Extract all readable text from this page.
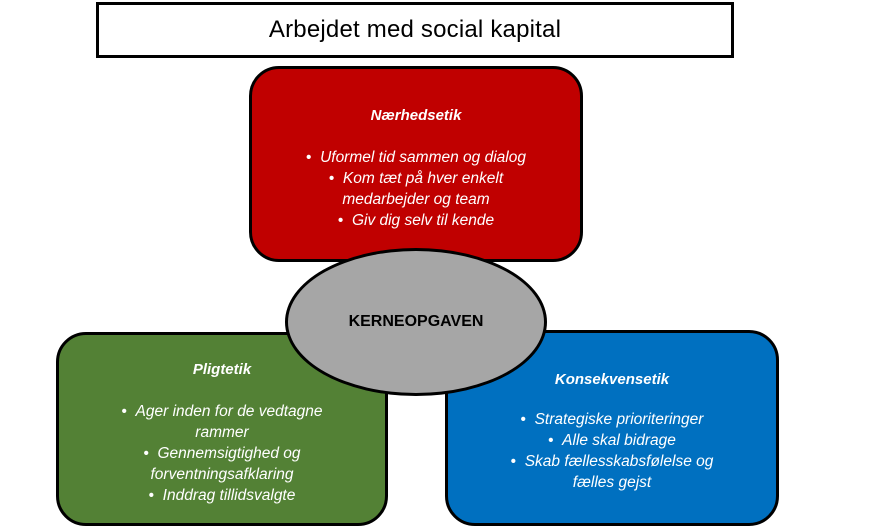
Arbejdet med social kapital
Nærhedsetik
•  Uformel tid sammen og dialog
•  Kom tæt på hver enkelt medarbejder og team
•  Giv dig selv til kende
Pligtetik
•  Ager inden for de vedtagne rammer
•  Gennemsigtighed og forventningsafklaring
•  Inddrag tillidsvalgte
Konsekvensetik
•  Strategiske prioriteringer
•  Alle skal bidrage
•  Skab fællesskabsfølelse og fælles gejst
KERNEOPGAVEN
